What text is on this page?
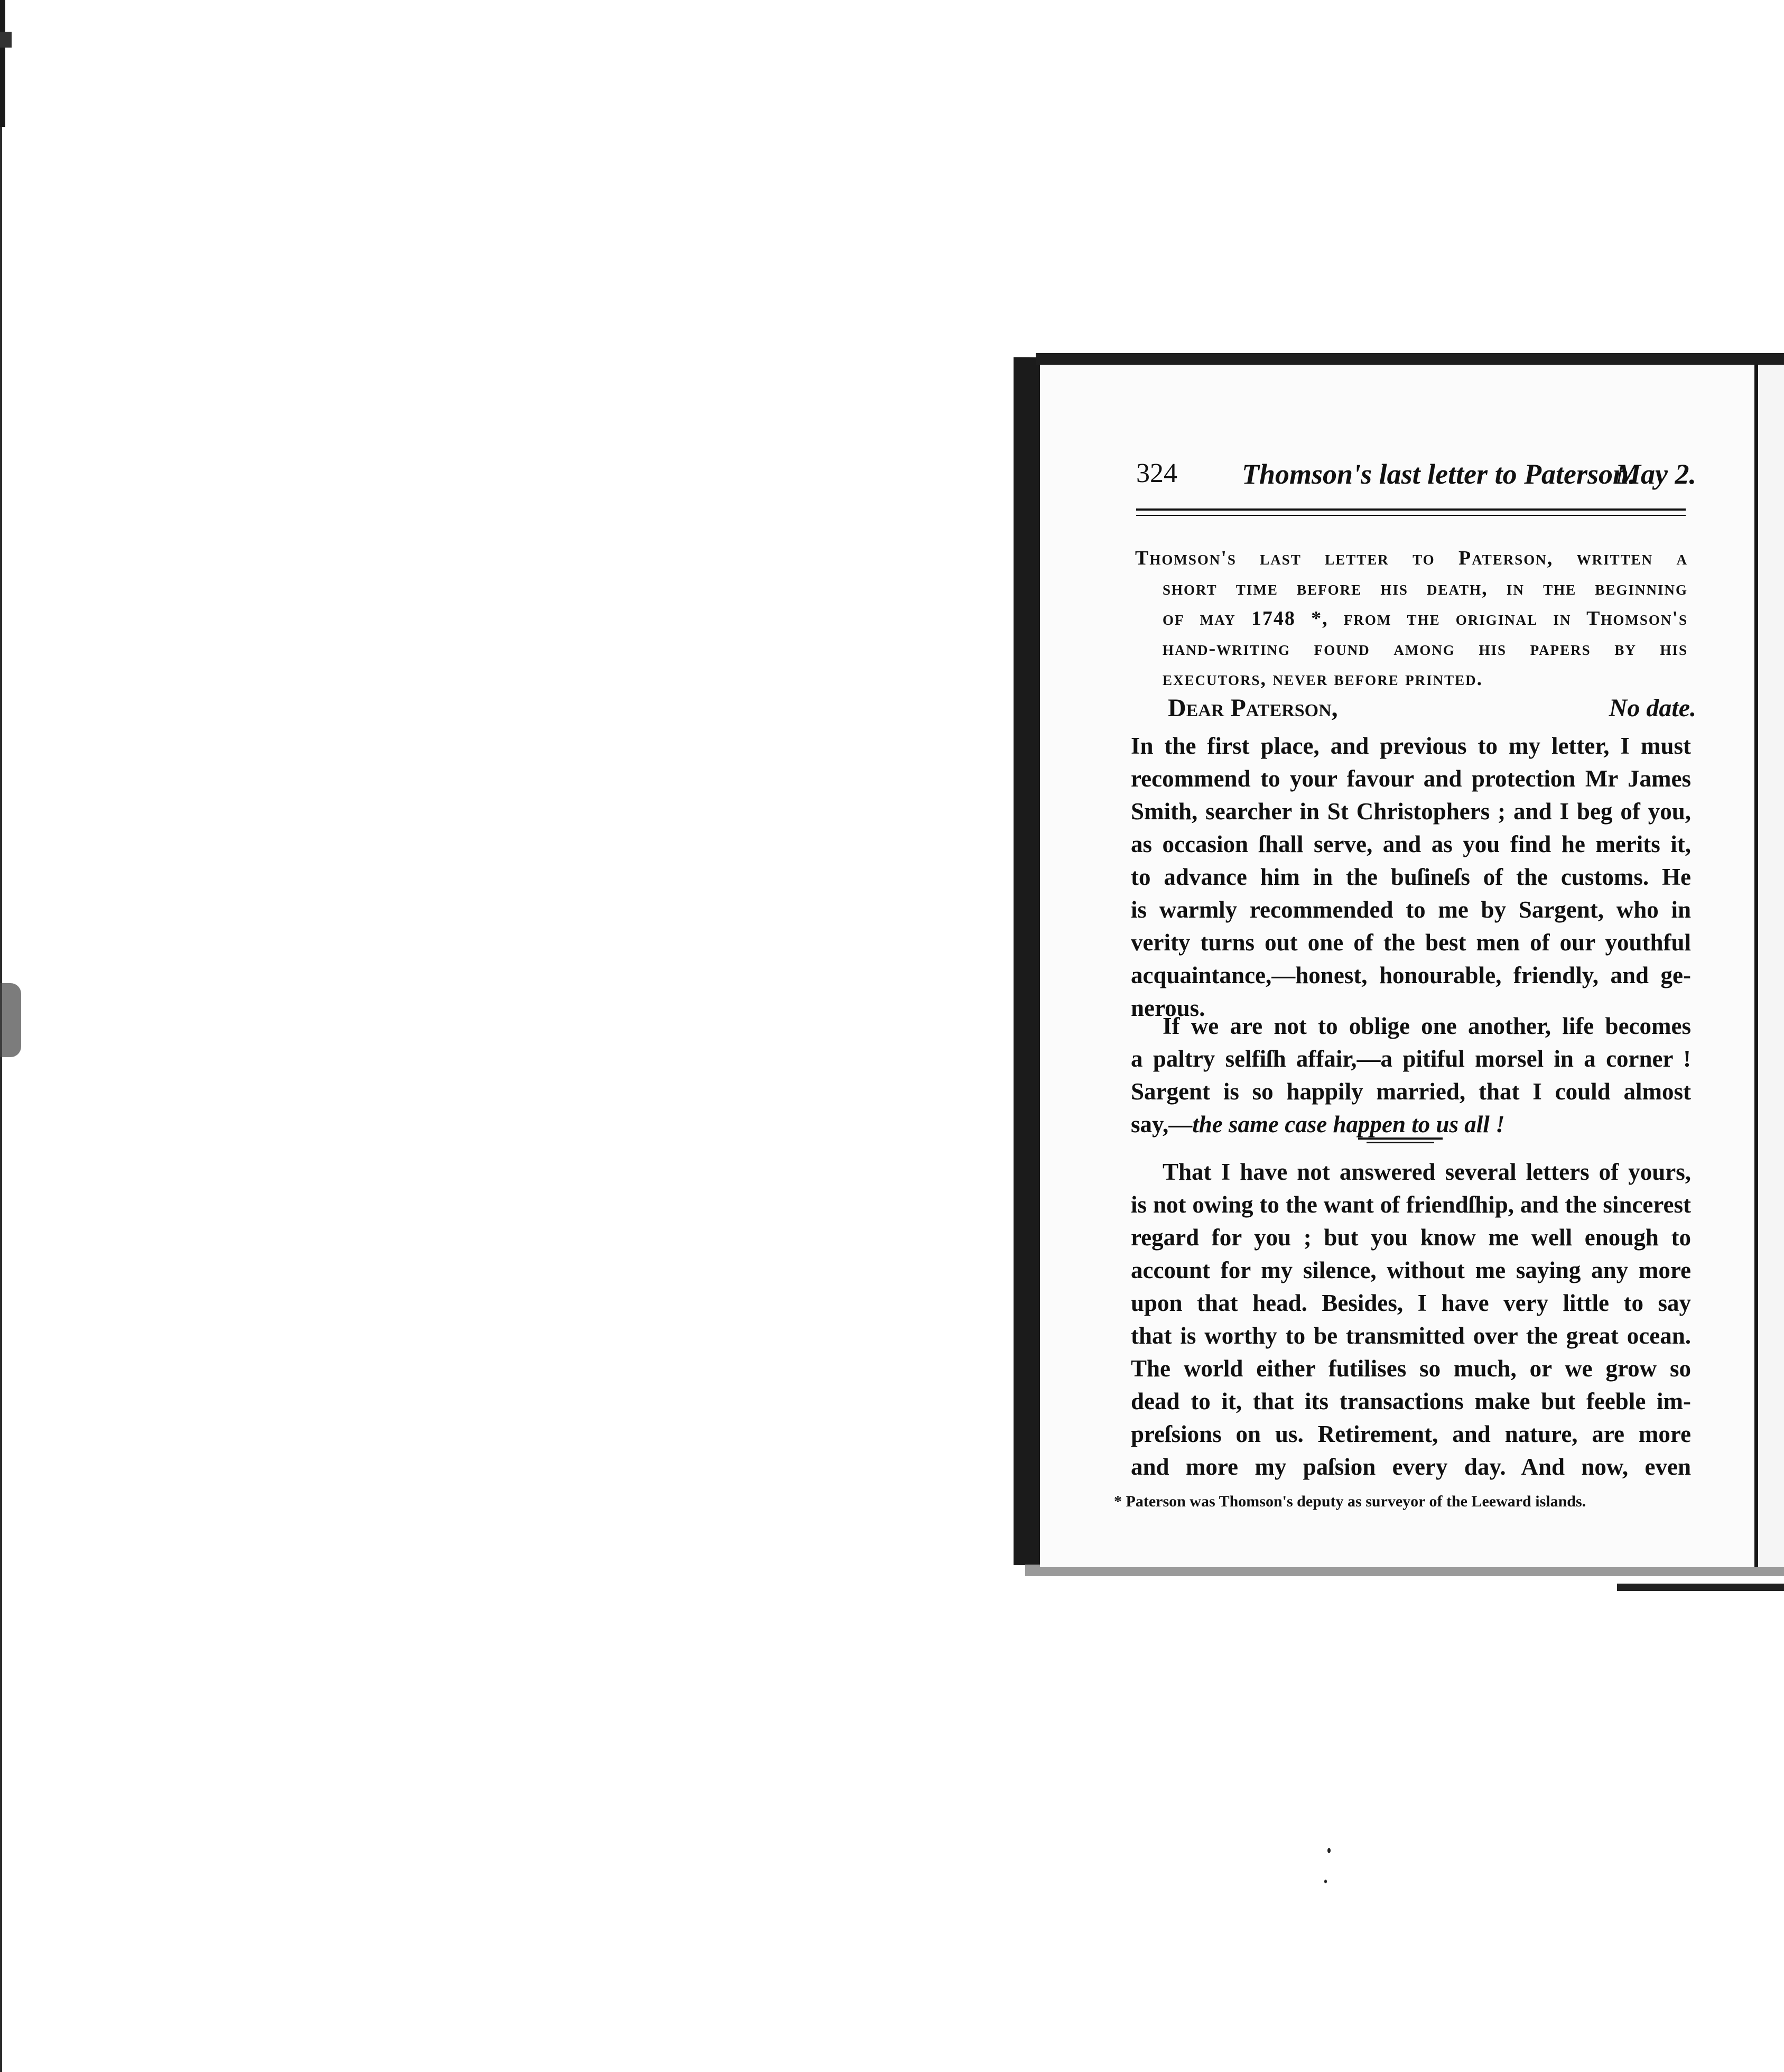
324 Thomson's last letter to Paterson.
May 2.
Thomson's last letter to Paterson, written a
short time before his death, in the beginning
of may 1748 *, from the original in Thomson's
hand-writing found among his papers by his
executors, never before printed.
Dear Paterson,	No date.
In the first place, and previous to my letter, I must
recommend to your favour and protection Mr James
Smith, searcher in St Christophers ; and I beg of you,
as occasion ſhall serve, and as you find he merits it,
to advance him in the buſineſs of the customs. He
is warmly recommended to me by Sargent, who in
verity turns out one of the best men of our youthful
acquaintance,—honest, honourable, friendly, and ge-
nerous.
If we are not to oblige one another, life becomes
a paltry selfiſh affair,—a pitiful morsel in a corner !
Sargent is so happily married, that I could almost
say,—the same case happen to us all !
That I have not answered several letters of yours,
is not owing to the want of friendſhip, and the sincerest
regard for you ; but you know me well enough to
account for my silence, without me saying any more
upon that head. Besides, I have very little to say
that is worthy to be transmitted over the great ocean.
The world either futilises so much, or we grow so
dead to it, that its transactions make but feeble im-
preſsions on us. Retirement, and nature, are more
and more my paſsion every day. And now, even
* Paterson was Thomson's deputy as surveyor of the Leeward islands.
